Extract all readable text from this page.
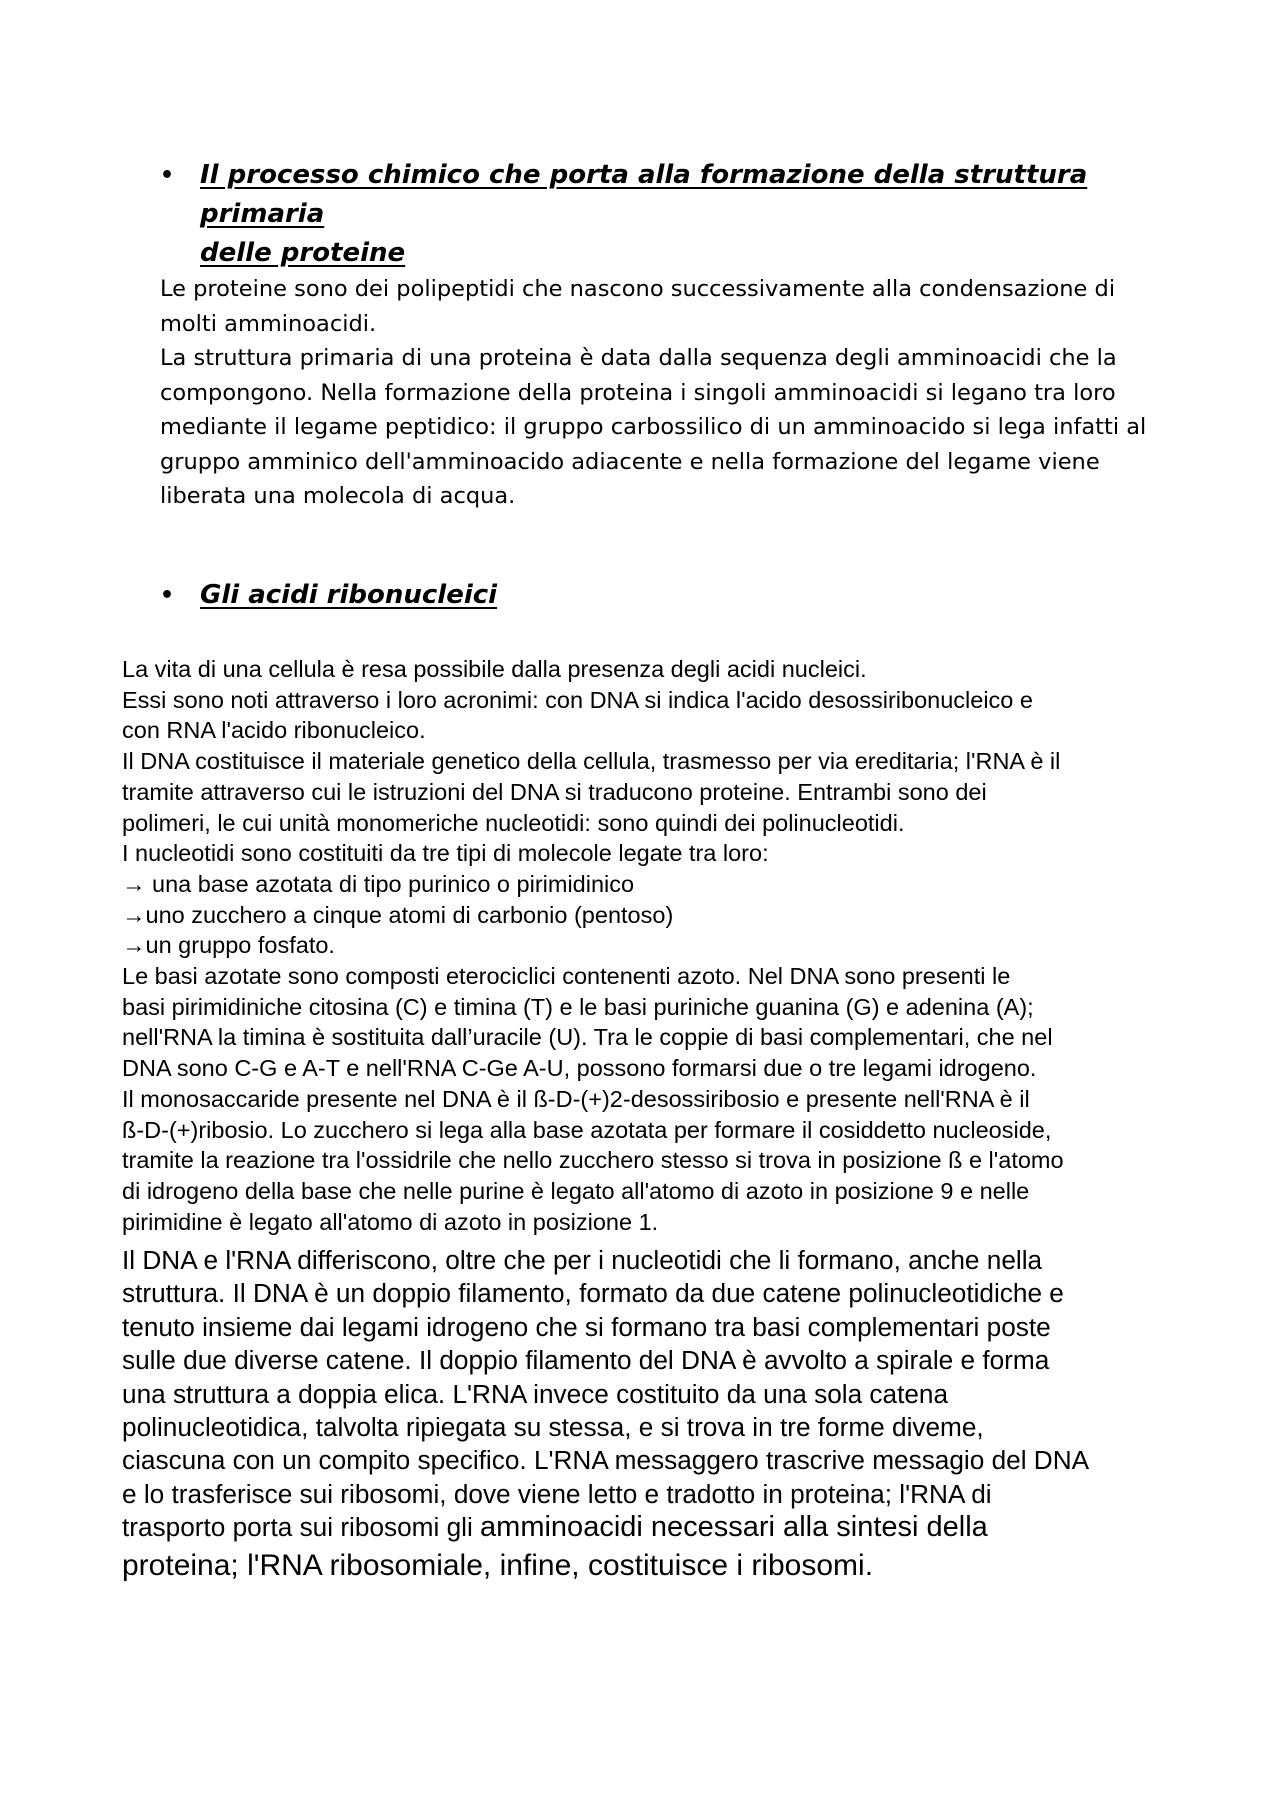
• Il processo chimico che porta alla formazione della struttura primaria
delle proteine

Le proteine sono dei polipeptidi che nascono successivamente alla condensazione di

molti amminoacidi.

La struttura primaria di una proteina è data dalla sequenza degli amminoacidi che la

compongono. Nella formazione della proteina i singoli amminoacidi si legano tra loro

mediante il legame peptidico: il gruppo carbossilico di un amminoacido si lega infatti al

gruppo amminico dell'amminoacido adiacente e nella formazione del legame viene

liberata una molecola di acqua.

• Gli acidi ribonucleici

La vita di una cellula è resa possibile dalla presenza degli acidi nucleici.

Essi sono noti attraverso i loro acronimi: con DNA si indica l'acido desossiribonucleico e

con RNA l'acido ribonucleico.

Il DNA costituisce il materiale genetico della cellula, trasmesso per via ereditaria; l'RNA è il

tramite attraverso cui le istruzioni del DNA si traducono proteine. Entrambi sono dei

polimeri, le cui unità monomeriche nucleotidi: sono quindi dei polinucleotidi.

I nucleotidi sono costituiti da tre tipi di molecole legate tra loro:

→ una base azotata di tipo purinico o pirimidinico

→uno zucchero a cinque atomi di carbonio (pentoso)

→un gruppo fosfato.

Le basi azotate sono composti eterociclici contenenti azoto. Nel DNA sono presenti le

basi pirimidiniche citosina (C) e timina (T) e le basi puriniche guanina (G) e adenina (A);

nell'RNA la timina è sostituita dall’uracile (U). Tra le coppie di basi complementari, che nel

DNA sono C-G e A-T e nell'RNA C-Ge A-U, possono formarsi due o tre legami idrogeno.

Il monosaccaride presente nel DNA è il ß-D-(+)2-desossiribosio e presente nell'RNA è il

ß-D-(+)ribosio. Lo zucchero si lega alla base azotata per formare il cosiddetto nucleoside,

tramite la reazione tra l'ossidrile che nello zucchero stesso si trova in posizione ß e l'atomo

di idrogeno della base che nelle purine è legato all'atomo di azoto in posizione 9 e nelle

pirimidine è legato all'atomo di azoto in posizione 1.

Il DNA e l'RNA differiscono, oltre che per i nucleotidi che li formano, anche nella

struttura. Il DNA è un doppio filamento, formato da due catene polinucleotidiche e

tenuto insieme dai legami idrogeno che si formano tra basi complementari poste

sulle due diverse catene. Il doppio filamento del DNA è avvolto a spirale e forma

una struttura a doppia elica. L'RNA invece costituito da una sola catena

polinucleotidica, talvolta ripiegata su stessa, e si trova in tre forme diveme,

ciascuna con un compito specifico. L'RNA messaggero trascrive messagio del DNA

e lo trasferisce sui ribosomi, dove viene letto e tradotto in proteina; l'RNA di

trasporto porta sui ribosomi gli amminoacidi necessari alla sintesi della

proteina; l'RNA ribosomiale, infine, costituisce i ribosomi.
